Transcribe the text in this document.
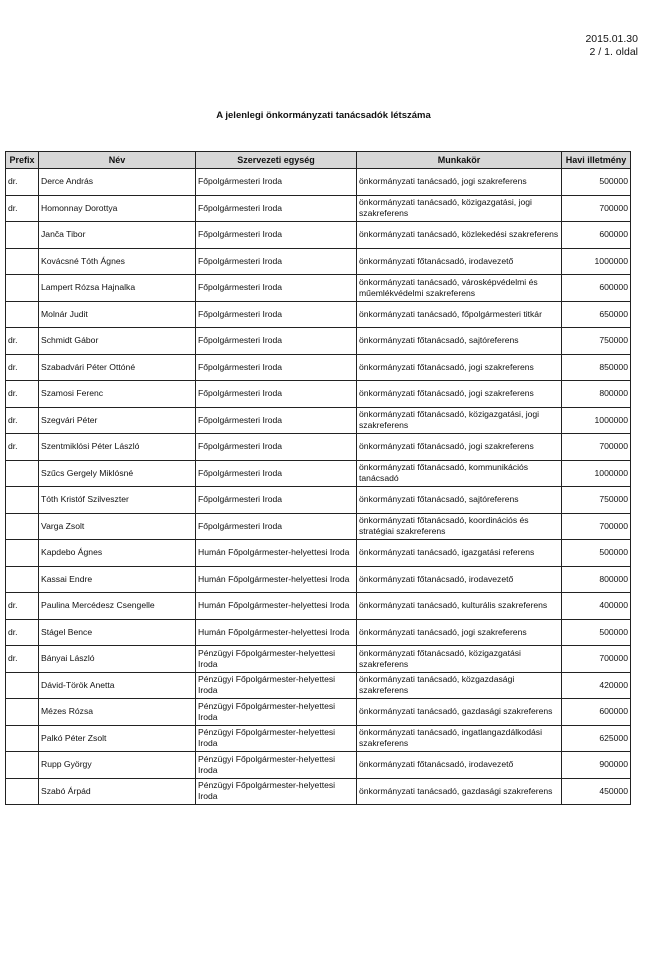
2015.01.30
2 / 1. oldal
A jelenlegi önkormányzati tanácsadók létszáma
Prefix	Név	Szervezeti egység	Munkakör	Havi illetmény
dr.	Derce András	Főpolgármesteri Iroda	önkormányzati tanácsadó, jogi szakreferens	500000
dr.	Homonnay Dorottya	Főpolgármesteri Iroda	önkormányzati tanácsadó, közigazgatási, jogi szakreferens	700000
	Janča Tibor	Főpolgármesteri Iroda	önkormányzati tanácsadó, közlekedési szakreferens	600000
	Kovácsné Tóth Ágnes	Főpolgármesteri Iroda	önkormányzati főtanácsadó, irodavezető	1000000
	Lampert Rózsa Hajnalka	Főpolgármesteri Iroda	önkormányzati tanácsadó, városképvédelmi és műemlékvédelmi szakreferens	600000
	Molnár Judit	Főpolgármesteri Iroda	önkormányzati tanácsadó, főpolgármesteri titkár	650000
dr.	Schmidt Gábor	Főpolgármesteri Iroda	önkormányzati főtanácsadó, sajtóreferens	750000
dr.	Szabadvári Péter Ottóné	Főpolgármesteri Iroda	önkormányzati főtanácsadó, jogi szakreferens	850000
dr.	Szamosi Ferenc	Főpolgármesteri Iroda	önkormányzati főtanácsadó, jogi szakreferens	800000
dr.	Szegvári Péter	Főpolgármesteri Iroda	önkormányzati főtanácsadó, közigazgatási, jogi szakreferens	1000000
dr.	Szentmiklósi Péter László	Főpolgármesteri Iroda	önkormányzati főtanácsadó, jogi szakreferens	700000
	Szűcs Gergely Miklósné	Főpolgármesteri Iroda	önkormányzati főtanácsadó, kommunikációs tanácsadó	1000000
	Tóth Kristóf Szilveszter	Főpolgármesteri Iroda	önkormányzati főtanácsadó, sajtóreferens	750000
	Varga Zsolt	Főpolgármesteri Iroda	önkormányzati főtanácsadó, koordinációs és stratégiai szakreferens	700000
	Kapdebo Ágnes	Humán Főpolgármester-helyettesi Iroda	önkormányzati tanácsadó, igazgatási referens	500000
	Kassai Endre	Humán Főpolgármester-helyettesi Iroda	önkormányzati főtanácsadó, irodavezető	800000
dr.	Paulina Mercédesz Csengelle	Humán Főpolgármester-helyettesi Iroda	önkormányzati tanácsadó, kulturális szakreferens	400000
dr.	Stágel Bence	Humán Főpolgármester-helyettesi Iroda	önkormányzati tanácsadó, jogi szakreferens	500000
dr.	Bányai László	Pénzügyi Főpolgármester-helyettesi Iroda	önkormányzati főtanácsadó, közigazgatási szakreferens	700000
	Dávid-Török Anetta	Pénzügyi Főpolgármester-helyettesi Iroda	önkormányzati tanácsadó, közgazdasági szakreferens	420000
	Mézes Rózsa	Pénzügyi Főpolgármester-helyettesi Iroda	önkormányzati tanácsadó, gazdasági szakreferens	600000
	Palkó Péter Zsolt	Pénzügyi Főpolgármester-helyettesi Iroda	önkormányzati tanácsadó, ingatlangazdálkodási szakreferens	625000
	Rupp György	Pénzügyi Főpolgármester-helyettesi Iroda	önkormányzati főtanácsadó, irodavezető	900000
	Szabó Árpád	Pénzügyi Főpolgármester-helyettesi Iroda	önkormányzati tanácsadó, gazdasági szakreferens	450000
